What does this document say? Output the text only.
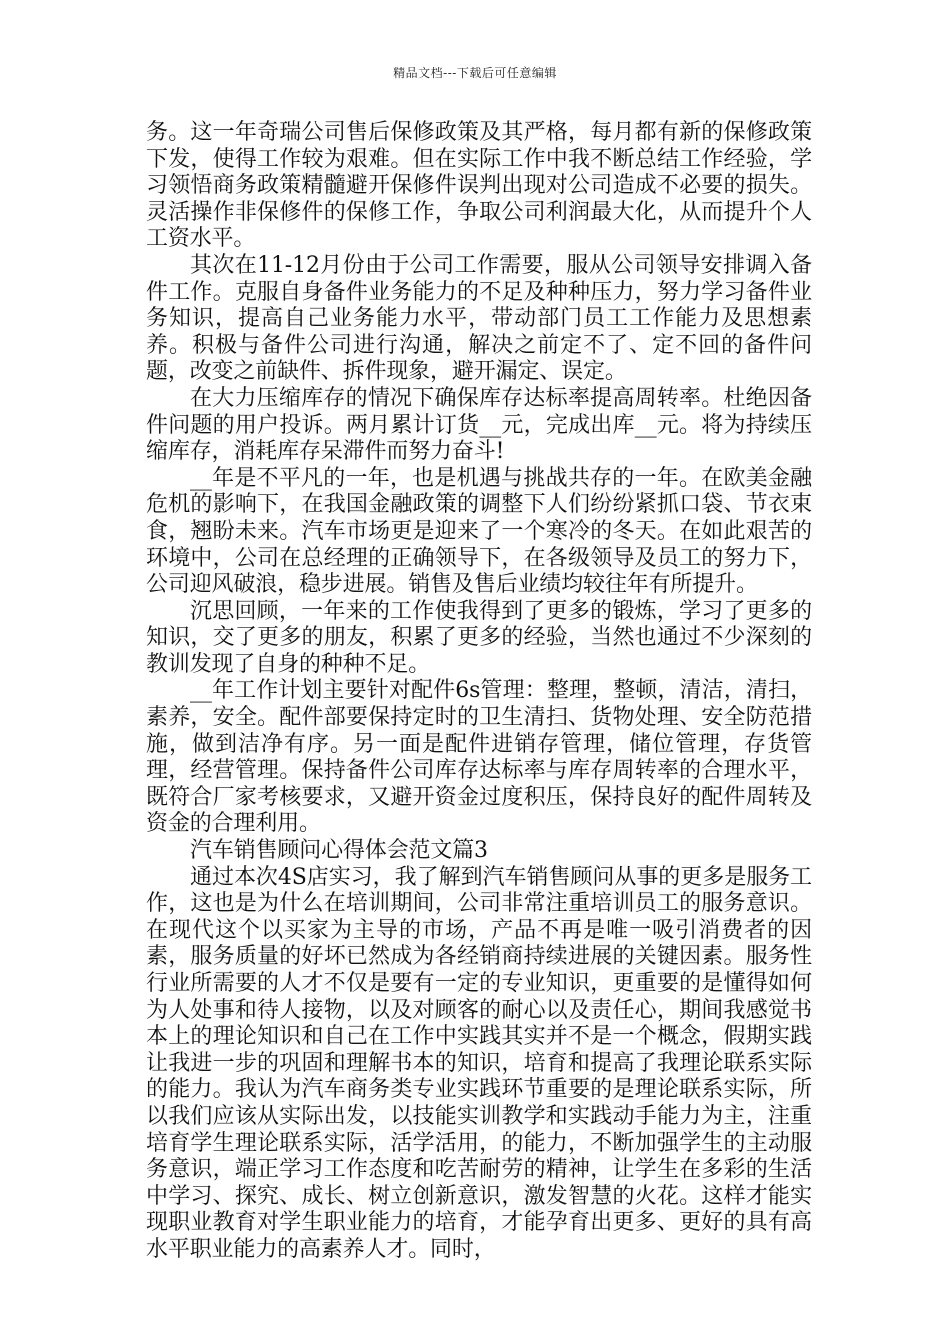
精品文档---下载后可任意编辑

务。这一年奇瑞公司售后保修政策及其严格，每月都有新的保修政策下发，使得工作较为艰难。但在实际工作中我不断总结工作经验，学习领悟商务政策精髓避开保修件误判出现对公司造成不必要的损失。灵活操作非保修件的保修工作，争取公司利润最大化，从而提升个人工资水平。

其次在11-12月份由于公司工作需要，服从公司领导安排调入备件工作。克服自身备件业务能力的不足及种种压力，努力学习备件业务知识，提高自己业务能力水平，带动部门员工工作能力及思想素养。积极与备件公司进行沟通，解决之前定不了、定不回的备件问题，改变之前缺件、拆件现象，避开漏定、误定。

在大力压缩库存的情况下确保库存达标率提高周转率。杜绝因备件问题的用户投诉。两月累计订货__元，完成出库__元。将为持续压缩库存，消耗库存呆滞件而努力奋斗!

__年是不平凡的一年，也是机遇与挑战共存的一年。在欧美金融危机的影响下，在我国金融政策的调整下人们纷纷紧抓口袋、节衣束食，翘盼未来。汽车市场更是迎来了一个寒冷的冬天。在如此艰苦的环境中，公司在总经理的正确领导下，在各级领导及员工的努力下，公司迎风破浪，稳步进展。销售及售后业绩均较往年有所提升。

沉思回顾，一年来的工作使我得到了更多的锻炼，学习了更多的知识，交了更多的朋友，积累了更多的经验，当然也通过不少深刻的教训发现了自身的种种不足。

__年工作计划主要针对配件6s管理：整理，整顿，清洁，清扫，素养，安全。配件部要保持定时的卫生清扫、货物处理、安全防范措施，做到洁净有序。另一面是配件进销存管理，储位管理，存货管理，经营管理。保持备件公司库存达标率与库存周转率的合理水平，既符合厂家考核要求，又避开资金过度积压，保持良好的配件周转及资金的合理利用。

汽车销售顾问心得体会范文篇3

通过本次4S店实习，我了解到汽车销售顾问从事的更多是服务工作，这也是为什么在培训期间，公司非常注重培训员工的服务意识。在现代这个以买家为主导的市场，产品不再是唯一吸引消费者的因素，服务质量的好坏已然成为各经销商持续进展的关键因素。服务性行业所需要的人才不仅是要有一定的专业知识，更重要的是懂得如何为人处事和待人接物，以及对顾客的耐心以及责任心，期间我感觉书本上的理论知识和自己在工作中实践其实并不是一个概念，假期实践让我进一步的巩固和理解书本的知识，培育和提高了我理论联系实际的能力。我认为汽车商务类专业实践环节重要的是理论联系实际，所以我们应该从实际出发，以技能实训教学和实践动手能力为主，注重培育学生理论联系实际，活学活用，的能力，不断加强学生的主动服务意识，端正学习工作态度和吃苦耐劳的精神，让学生在多彩的生活中学习、探究、成长、树立创新意识，激发智慧的火花。这样才能实现职业教育对学生职业能力的培育，才能孕育出更多、更好的具有高水平职业能力的高素养人才。同时，
